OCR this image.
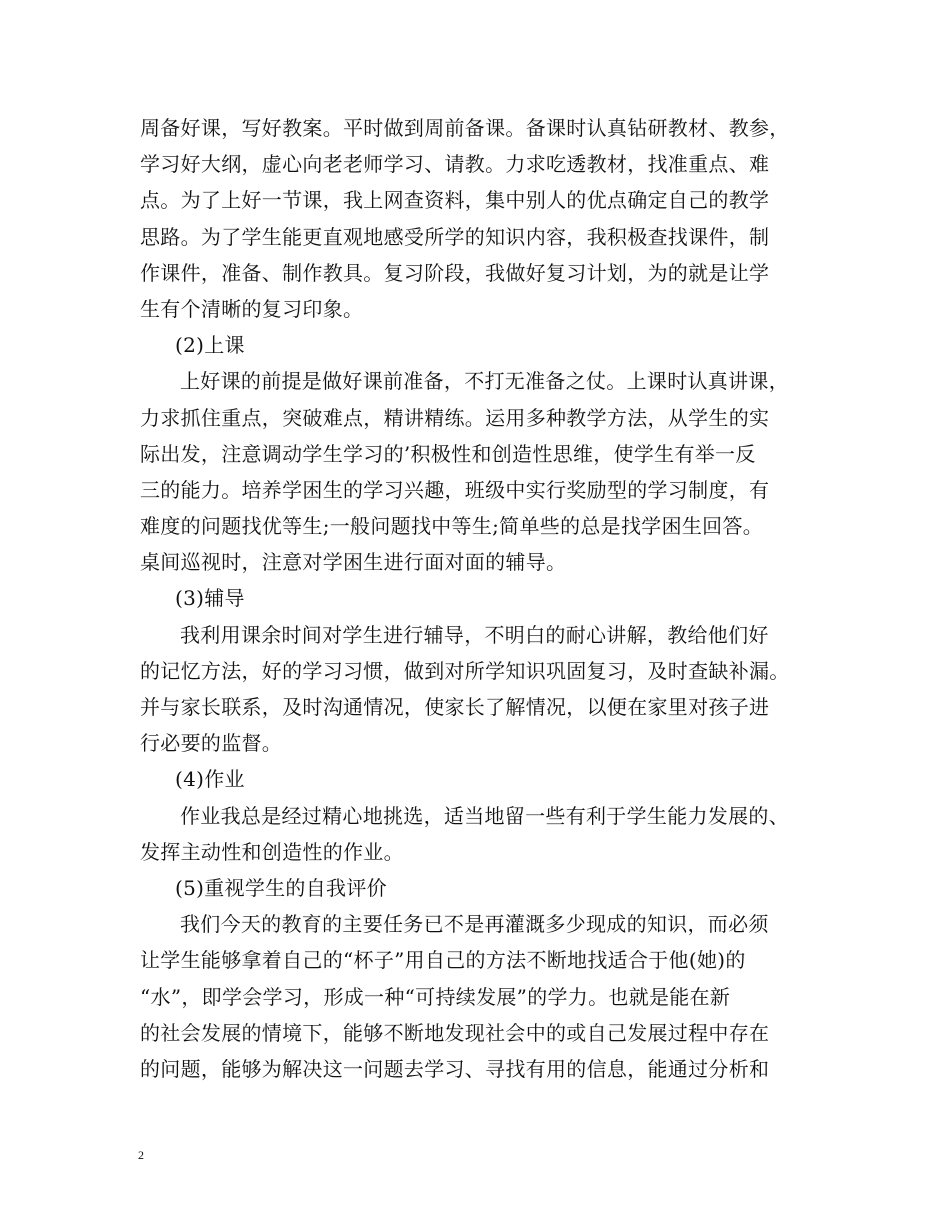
周备好课，写好教案。平时做到周前备课。备课时认真钻研教材、教参，
学习好大纲，虚心向老老师学习、请教。力求吃透教材，找准重点、难
点。为了上好一节课，我上网查资料，集中别人的优点确定自己的教学
思路。为了学生能更直观地感受所学的知识内容，我积极查找课件，制
作课件，准备、制作教具。复习阶段，我做好复习计划，为的就是让学
生有个清晰的复习印象。
(2)上课
上好课的前提是做好课前准备，不打无准备之仗。上课时认真讲课，
力求抓住重点，突破难点，精讲精练。运用多种教学方法，从学生的实
际出发，注意调动学生学习的’积极性和创造性思维，使学生有举一反
三的能力。培养学困生的学习兴趣，班级中实行奖励型的学习制度，有
难度的问题找优等生;一般问题找中等生;简单些的总是找学困生回答。
桌间巡视时，注意对学困生进行面对面的辅导。
(3)辅导
我利用课余时间对学生进行辅导，不明白的耐心讲解，教给他们好
的记忆方法，好的学习习惯，做到对所学知识巩固复习，及时查缺补漏。
并与家长联系，及时沟通情况，使家长了解情况，以便在家里对孩子进
行必要的监督。
(4)作业
作业我总是经过精心地挑选，适当地留一些有利于学生能力发展的、
发挥主动性和创造性的作业。
(5)重视学生的自我评价
我们今天的教育的主要任务已不是再灌溉多少现成的知识，而必须
让学生能够拿着自己的“杯子”用自己的方法不断地找适合于他(她)的
“水”，即学会学习，形成一种“可持续发展”的学力。也就是能在新
的社会发展的情境下，能够不断地发现社会中的或自己发展过程中存在
的问题，能够为解决这一问题去学习、寻找有用的信息，能通过分析和
2
